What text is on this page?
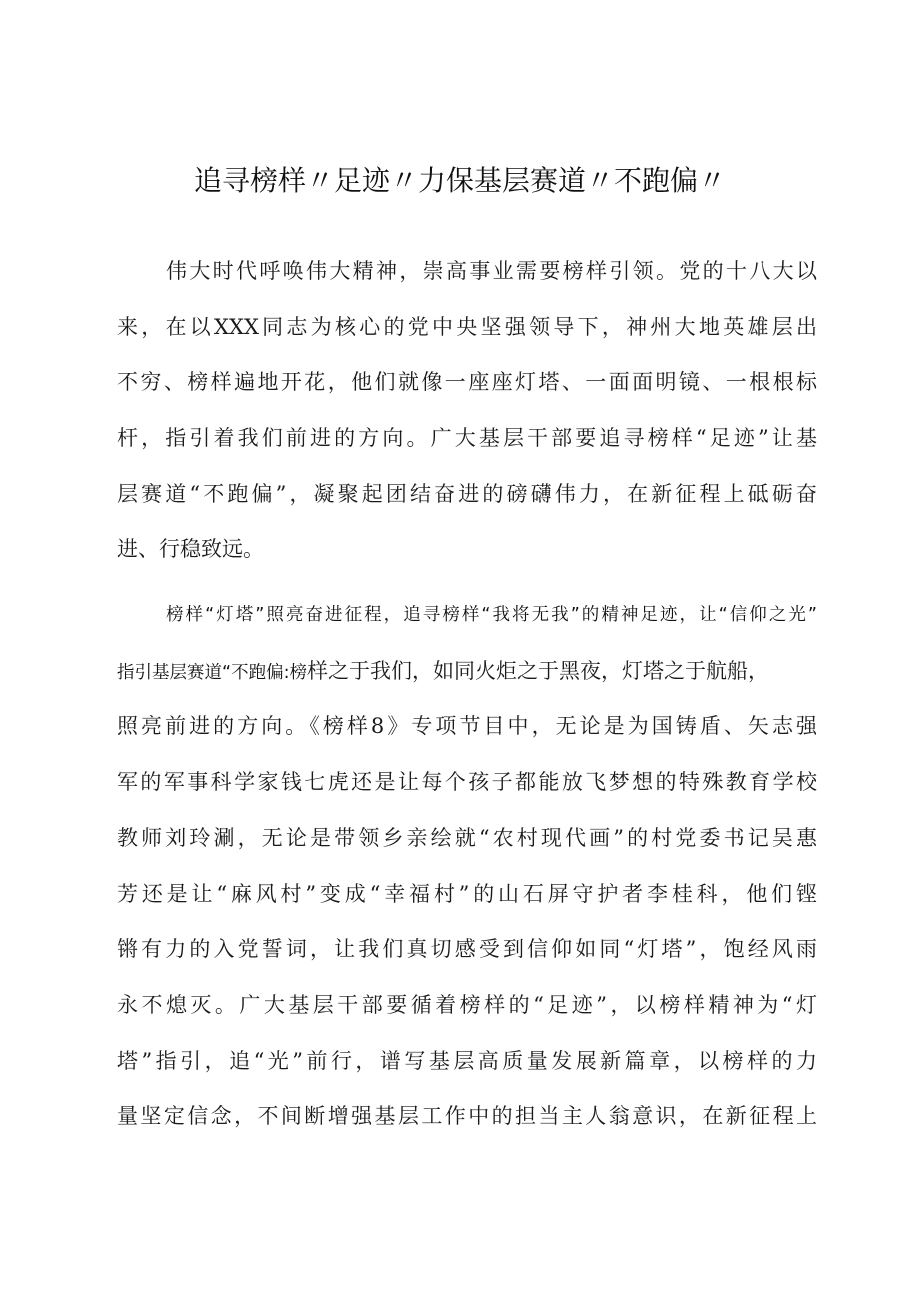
追寻榜样〃足迹〃力保基层赛道〃不跑偏〃
伟大时代呼唤伟大精神，崇高事业需要榜样引领。党的十八大以
来，在以XXX同志为核心的党中央坚强领导下，神州大地英雄层出
不穷、榜样遍地开花，他们就像一座座灯塔、一面面明镜、一根根标
杆，指引着我们前进的方向。广大基层干部要追寻榜样“足迹”让基
层赛道“不跑偏”，凝聚起团结奋进的磅礴伟力，在新征程上砥砺奋
进、行稳致远。
榜样“灯塔”照亮奋进征程，追寻榜样“我将无我”的精神足迹，让“信仰之光”
指引基层赛道“不跑偏:榜样之于我们，如同火炬之于黑夜，灯塔之于航船，
照亮前进的方向。《榜样8》专项节目中，无论是为国铸盾、矢志强
军的军事科学家钱七虎还是让每个孩子都能放飞梦想的特殊教育学校
教师刘玲涮，无论是带领乡亲绘就“农村现代画”的村党委书记吴惠
芳还是让“麻风村”变成“幸福村”的山石屏守护者李桂科，他们铿
锵有力的入党誓词，让我们真切感受到信仰如同“灯塔”，饱经风雨
永不熄灭。广大基层干部要循着榜样的“足迹”，以榜样精神为“灯
塔”指引，追“光”前行，谱写基层高质量发展新篇章，以榜样的力
量坚定信念，不间断增强基层工作中的担当主人翁意识，在新征程上
